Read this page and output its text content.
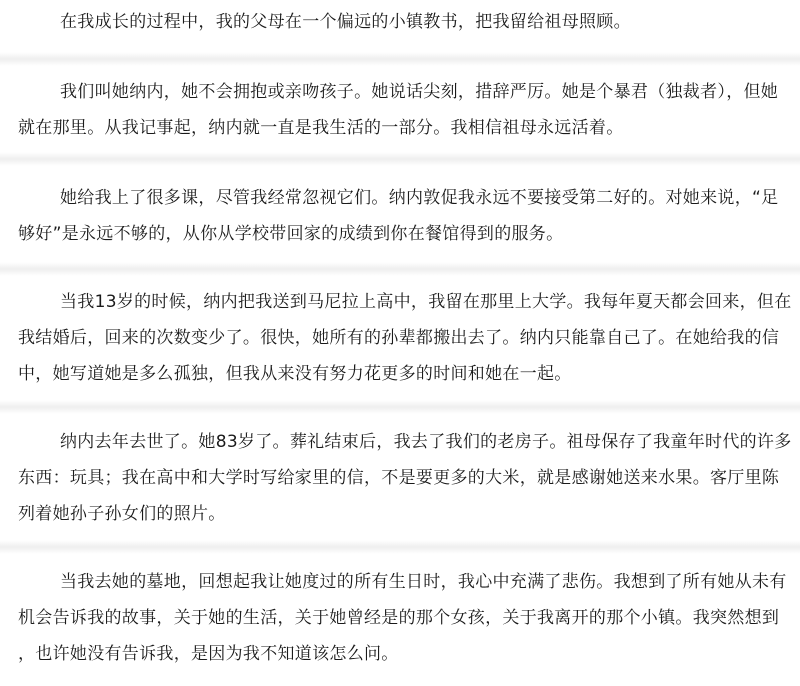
在我成长的过程中，我的父母在一个偏远的小镇教书，把我留给祖母照顾。

我们叫她纳内，她不会拥抱或亲吻孩子。她说话尖刻，措辞严厉。她是个暴君（独裁者），但她
就在那里。从我记事起，纳内就一直是我生活的一部分。我相信祖母永远活着。

她给我上了很多课，尽管我经常忽视它们。纳内敦促我永远不要接受第二好的。对她来说，“足
够好”是永远不够的，从你从学校带回家的成绩到你在餐馆得到的服务。

当我13岁的时候，纳内把我送到马尼拉上高中，我留在那里上大学。我每年夏天都会回来，但在
我结婚后，回来的次数变少了。很快，她所有的孙辈都搬出去了。纳内只能靠自己了。在她给我的信
中，她写道她是多么孤独，但我从来没有努力花更多的时间和她在一起。

纳内去年去世了。她83岁了。葬礼结束后，我去了我们的老房子。祖母保存了我童年时代的许多
东西：玩具；我在高中和大学时写给家里的信，不是要更多的大米，就是感谢她送来水果。客厅里陈
列着她孙子孙女们的照片。

当我去她的墓地，回想起我让她度过的所有生日时，我心中充满了悲伤。我想到了所有她从未有
机会告诉我的故事，关于她的生活，关于她曾经是的那个女孩，关于我离开的那个小镇。我突然想到
，也许她没有告诉我，是因为我不知道该怎么问。
